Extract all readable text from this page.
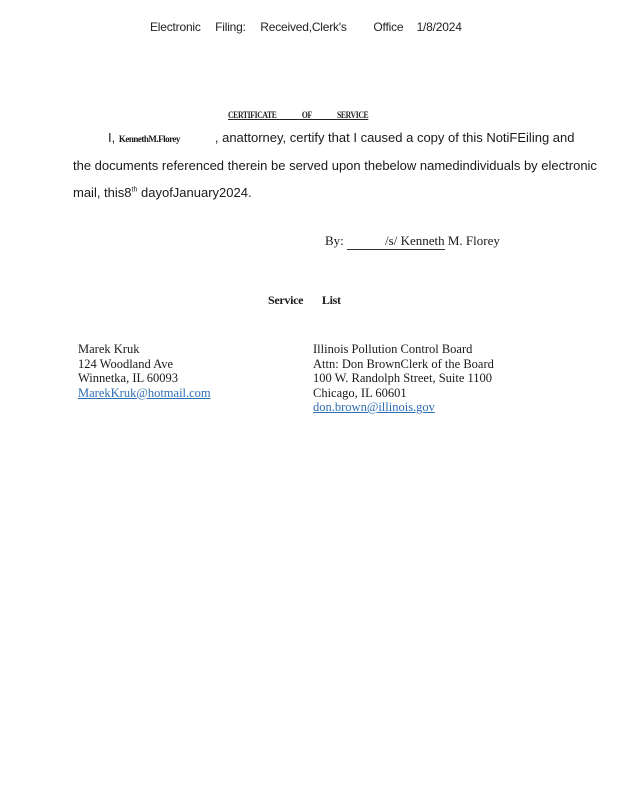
Electronic Filing: Received,Clerk's Office 1/8/2024
CERTIFICATE OF SERVICE
I, KennethM.Florey	, anattorney, certify that I caused a copy of this NotiFEiling and
the documents referenced therein be served upon thebelow namedindividuals by electronic
mail, this8th dayofJanuary2024.
By:	/s/ Kenneth M. Florey
Service List
Marek Kruk
124 Woodland Ave
Winnetka, IL 60093
MarekKruk@hotmail.com
Illinois Pollution Control Board
Attn: Don BrownClerk of the Board
100 W. Randolph Street, Suite 1100
Chicago, IL 60601
don.brown@illinois.gov
